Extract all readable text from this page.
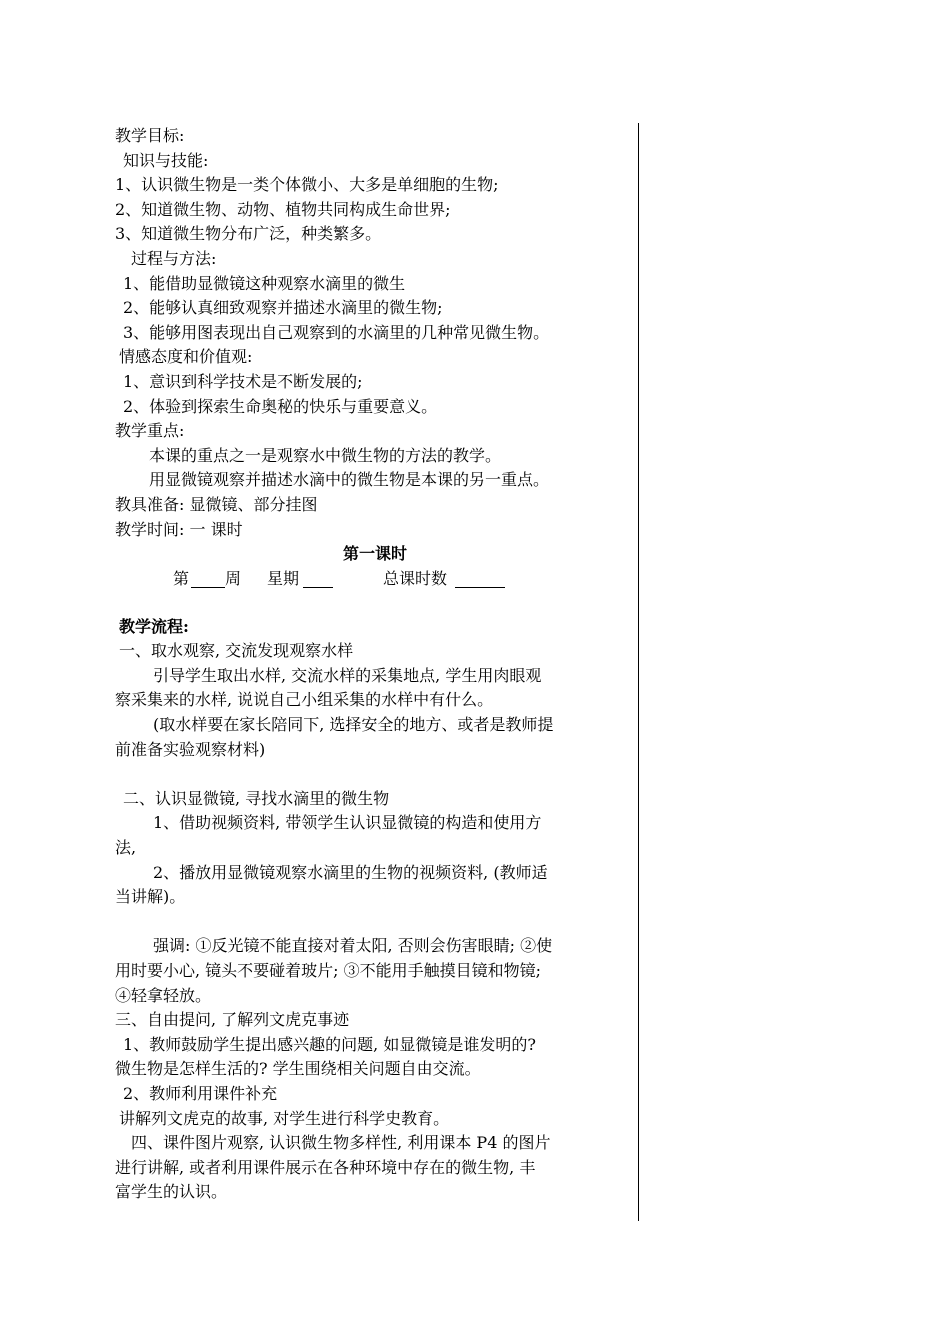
教学目标:
知识与技能:
1、认识微生物是一类个体微小、大多是单细胞的生物;
2、知道微生物、动物、植物共同构成生命世界;
3、知道微生物分布广泛，种类繁多。
过程与方法:
1、能借助显微镜这种观察水滴里的微生
2、能够认真细致观察并描述水滴里的微生物;
3、能够用图表现出自己观察到的水滴里的几种常见微生物。
情感态度和价值观:
1、意识到科学技术是不断发展的;
2、体验到探索生命奥秘的快乐与重要意义。
教学重点:
本课的重点之一是观察水中微生物的方法的教学。
用显微镜观察并描述水滴中的微生物是本课的另一重点。
教具准备: 显微镜、部分挂图
教学时间: 一 课时
第一课时
第 周 星期	总课时数
教学流程:
一、取水观察, 交流发现观察水样
引导学生取出水样, 交流水样的采集地点, 学生用肉眼观
察采集来的水样, 说说自己小组采集的水样中有什么。
(取水样要在家长陪同下, 选择安全的地方、或者是教师提
前准备实验观察材料)
二、认识显微镜, 寻找水滴里的微生物
1、借助视频资料, 带领学生认识显微镜的构造和使用方
法,
2、播放用显微镜观察水滴里的生物的视频资料, (教师适
当讲解)。
强调: ①反光镜不能直接对着太阳, 否则会伤害眼睛; ②使
用时要小心, 镜头不要碰着玻片; ③不能用手触摸目镜和物镜;
④轻拿轻放。
三、自由提问, 了解列文虎克事迹
1、教师鼓励学生提出感兴趣的问题, 如显微镜是谁发明的?
微生物是怎样生活的? 学生围绕相关问题自由交流。
2、教师利用课件补充
讲解列文虎克的故事, 对学生进行科学史教育。
四、课件图片观察, 认识微生物多样性, 利用课本 P4 的图片
进行讲解, 或者利用课件展示在各种环境中存在的微生物, 丰
富学生的认识。
